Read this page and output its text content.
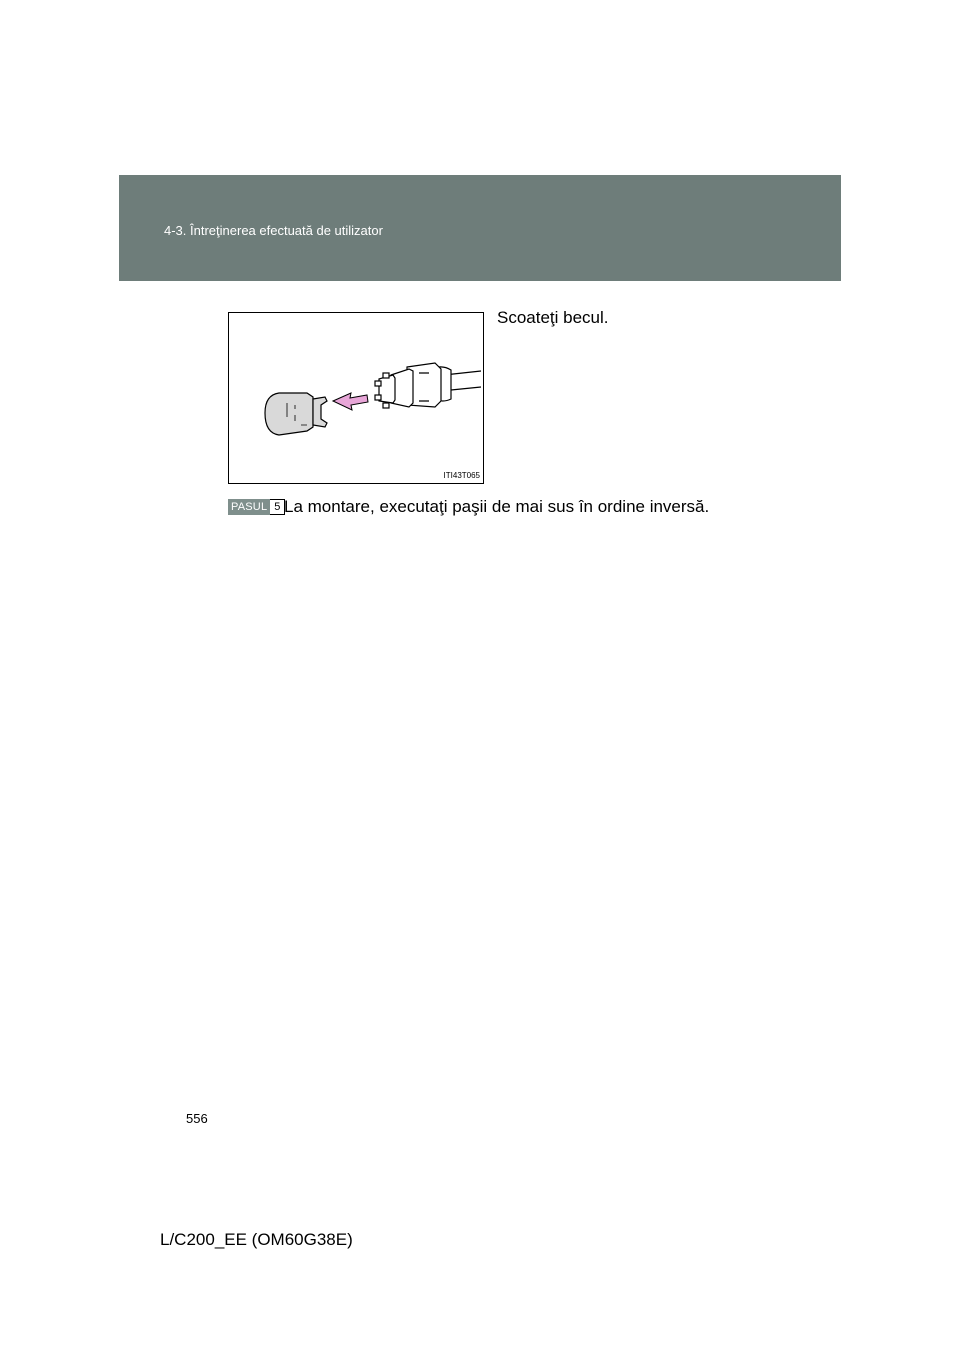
4-3. Întreţinerea efectuată de utilizator
ITI43T065
Scoateţi becul.
PASUL 5 La montare, executaţi paşii de mai sus în ordine inversă.
556
L/C200_EE (OM60G38E)
